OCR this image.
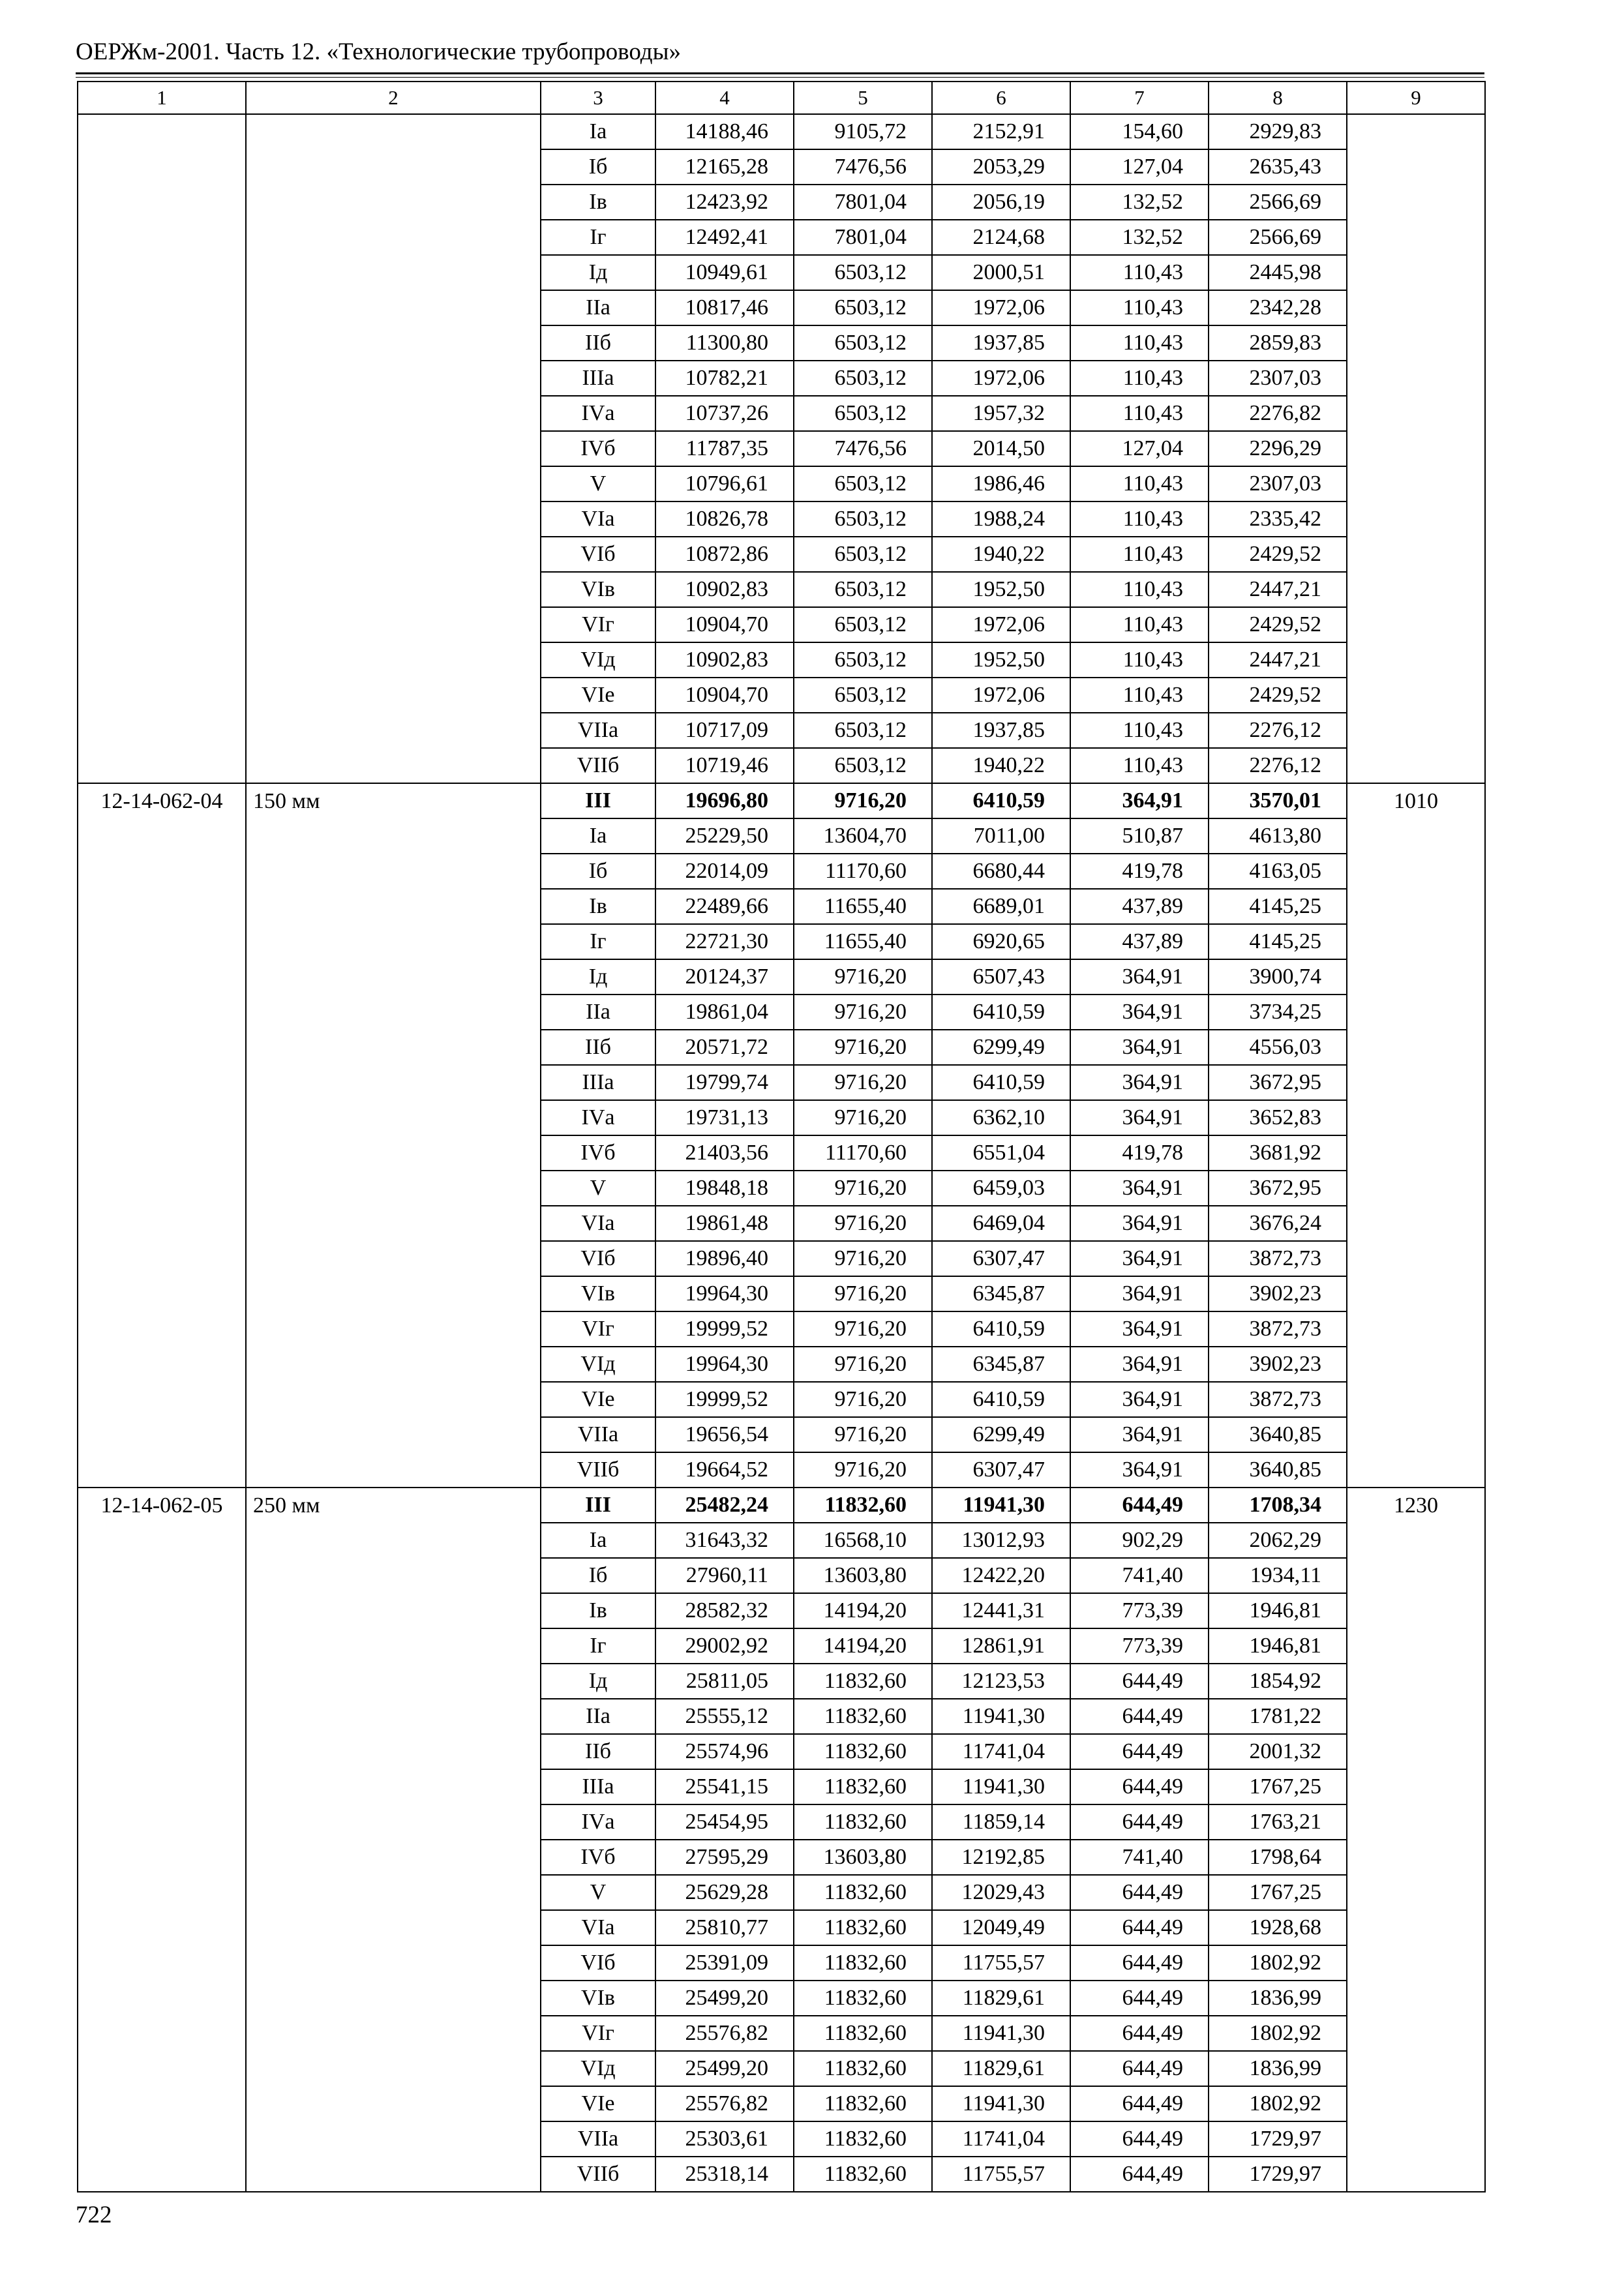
ОЕРЖм-2001. Часть 12. «Технологические трубопроводы»
1	2	3	4	5	6	7	8	9
		Ia	14188,46	9105,72	2152,91	154,60	2929,83	
		Iб	12165,28	7476,56	2053,29	127,04	2635,43	
		Iв	12423,92	7801,04	2056,19	132,52	2566,69	
		Iг	12492,41	7801,04	2124,68	132,52	2566,69	
		Iд	10949,61	6503,12	2000,51	110,43	2445,98	
		IIа	10817,46	6503,12	1972,06	110,43	2342,28	
		IIб	11300,80	6503,12	1937,85	110,43	2859,83	
		IIIа	10782,21	6503,12	1972,06	110,43	2307,03	
		IVа	10737,26	6503,12	1957,32	110,43	2276,82	
		IVб	11787,35	7476,56	2014,50	127,04	2296,29	
		V	10796,61	6503,12	1986,46	110,43	2307,03	
		VIа	10826,78	6503,12	1988,24	110,43	2335,42	
		VIб	10872,86	6503,12	1940,22	110,43	2429,52	
		VIв	10902,83	6503,12	1952,50	110,43	2447,21	
		VIг	10904,70	6503,12	1972,06	110,43	2429,52	
		VIд	10902,83	6503,12	1952,50	110,43	2447,21	
		VIе	10904,70	6503,12	1972,06	110,43	2429,52	
		VIIа	10717,09	6503,12	1937,85	110,43	2276,12	
		VIIб	10719,46	6503,12	1940,22	110,43	2276,12	
12-14-062-04	150 мм	III	19696,80	9716,20	6410,59	364,91	3570,01	1010
		Ia	25229,50	13604,70	7011,00	510,87	4613,80	
		Iб	22014,09	11170,60	6680,44	419,78	4163,05	
		Iв	22489,66	11655,40	6689,01	437,89	4145,25	
		Iг	22721,30	11655,40	6920,65	437,89	4145,25	
		Iд	20124,37	9716,20	6507,43	364,91	3900,74	
		IIа	19861,04	9716,20	6410,59	364,91	3734,25	
		IIб	20571,72	9716,20	6299,49	364,91	4556,03	
		IIIа	19799,74	9716,20	6410,59	364,91	3672,95	
		IVа	19731,13	9716,20	6362,10	364,91	3652,83	
		IVб	21403,56	11170,60	6551,04	419,78	3681,92	
		V	19848,18	9716,20	6459,03	364,91	3672,95	
		VIа	19861,48	9716,20	6469,04	364,91	3676,24	
		VIб	19896,40	9716,20	6307,47	364,91	3872,73	
		VIв	19964,30	9716,20	6345,87	364,91	3902,23	
		VIг	19999,52	9716,20	6410,59	364,91	3872,73	
		VIд	19964,30	9716,20	6345,87	364,91	3902,23	
		VIе	19999,52	9716,20	6410,59	364,91	3872,73	
		VIIа	19656,54	9716,20	6299,49	364,91	3640,85	
		VIIб	19664,52	9716,20	6307,47	364,91	3640,85	
12-14-062-05	250 мм	III	25482,24	11832,60	11941,30	644,49	1708,34	1230
		Ia	31643,32	16568,10	13012,93	902,29	2062,29	
		Iб	27960,11	13603,80	12422,20	741,40	1934,11	
		Iв	28582,32	14194,20	12441,31	773,39	1946,81	
		Iг	29002,92	14194,20	12861,91	773,39	1946,81	
		Iд	25811,05	11832,60	12123,53	644,49	1854,92	
		IIа	25555,12	11832,60	11941,30	644,49	1781,22	
		IIб	25574,96	11832,60	11741,04	644,49	2001,32	
		IIIа	25541,15	11832,60	11941,30	644,49	1767,25	
		IVа	25454,95	11832,60	11859,14	644,49	1763,21	
		IVб	27595,29	13603,80	12192,85	741,40	1798,64	
		V	25629,28	11832,60	12029,43	644,49	1767,25	
		VIа	25810,77	11832,60	12049,49	644,49	1928,68	
		VIб	25391,09	11832,60	11755,57	644,49	1802,92	
		VIв	25499,20	11832,60	11829,61	644,49	1836,99	
		VIг	25576,82	11832,60	11941,30	644,49	1802,92	
		VIд	25499,20	11832,60	11829,61	644,49	1836,99	
		VIе	25576,82	11832,60	11941,30	644,49	1802,92	
		VIIа	25303,61	11832,60	11741,04	644,49	1729,97	
		VIIб	25318,14	11832,60	11755,57	644,49	1729,97	
722
